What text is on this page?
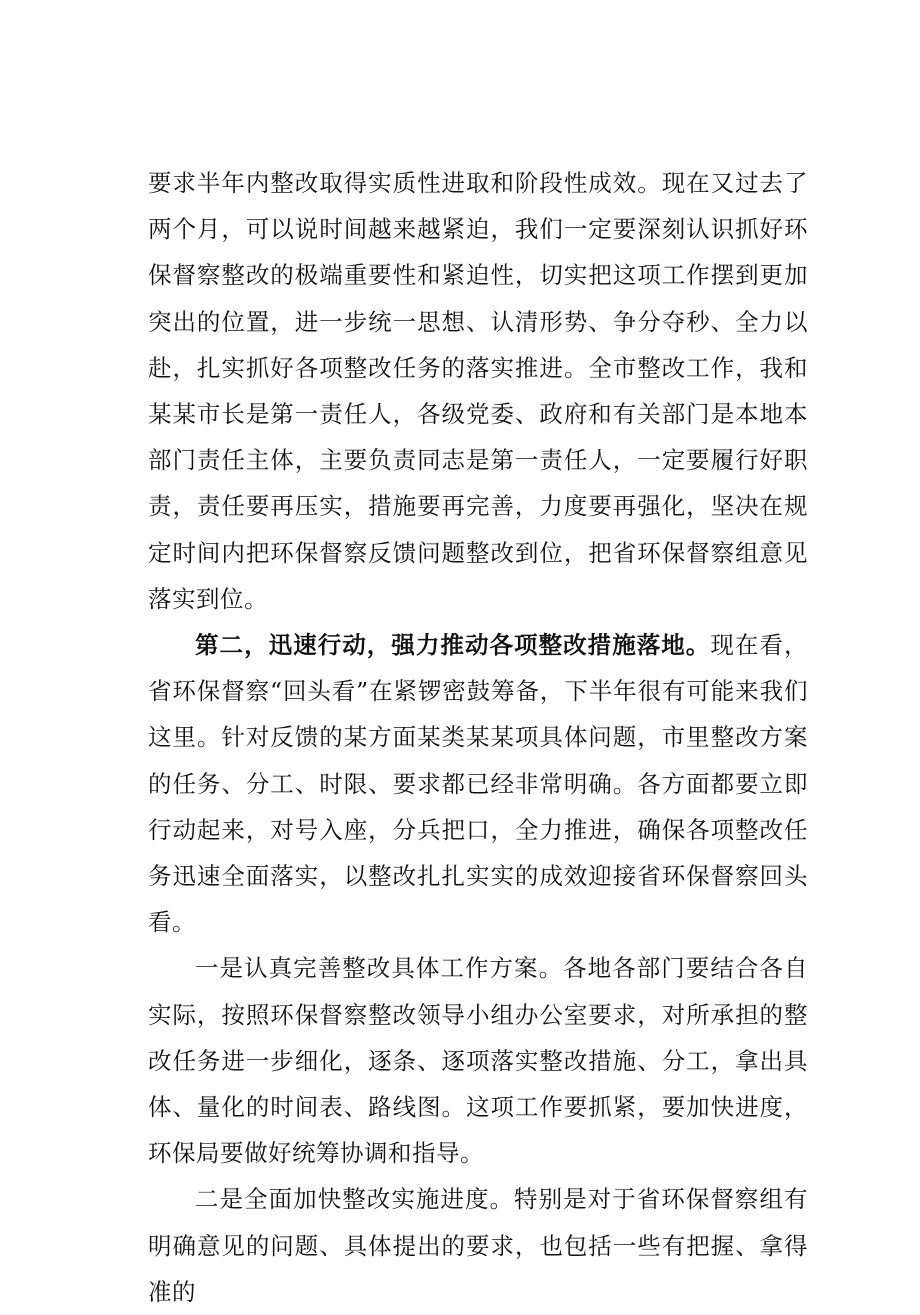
要求半年内整改取得实质性进取和阶段性成效。现在又过去了两个月，可以说时间越来越紧迫，我们一定要深刻认识抓好环保督察整改的极端重要性和紧迫性，切实把这项工作摆到更加突出的位置，进一步统一思想、认清形势、争分夺秒、全力以赴，扎实抓好各项整改任务的落实推进。全市整改工作，我和某某市长是第一责任人，各级党委、政府和有关部门是本地本部门责任主体，主要负责同志是第一责任人，一定要履行好职责，责任要再压实，措施要再完善，力度要再强化，坚决在规定时间内把环保督察反馈问题整改到位，把省环保督察组意见落实到位。

第二，迅速行动，强力推动各项整改措施落地。现在看，省环保督察“回头看”在紧锣密鼓筹备，下半年很有可能来我们这里。针对反馈的某方面某类某某项具体问题，市里整改方案的任务、分工、时限、要求都已经非常明确。各方面都要立即行动起来，对号入座，分兵把口，全力推进，确保各项整改任务迅速全面落实，以整改扎扎实实的成效迎接省环保督察回头看。

一是认真完善整改具体工作方案。各地各部门要结合各自实际，按照环保督察整改领导小组办公室要求，对所承担的整改任务进一步细化，逐条、逐项落实整改措施、分工，拿出具体、量化的时间表、路线图。这项工作要抓紧，要加快进度，环保局要做好统筹协调和指导。

二是全面加快整改实施进度。特别是对于省环保督察组有明确意见的问题、具体提出的要求，也包括一些有把握、拿得准的
